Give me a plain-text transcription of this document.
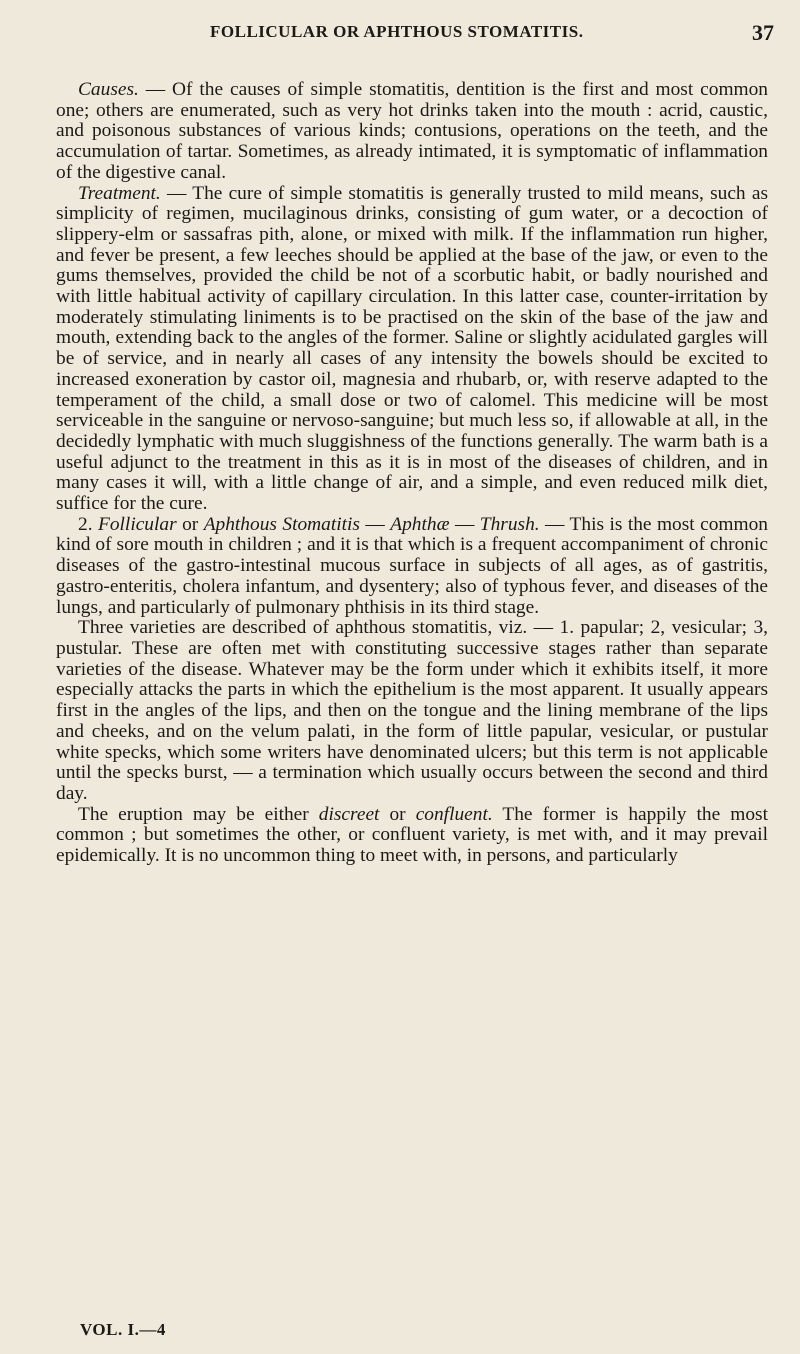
FOLLICULAR OR APHTHOUS STOMATITIS.	37

Causes. — Of the causes of simple stomatitis, dentition is the first and most common one; others are enumerated, such as very hot drinks taken into the mouth : acrid, caustic, and poisonous substances of various kinds; contusions, operations on the teeth, and the accumulation of tartar. Sometimes, as already intimated, it is symptomatic of inflammation of the digestive canal.

Treatment. — The cure of simple stomatitis is generally trusted to mild means, such as simplicity of regimen, mucilaginous drinks, consisting of gum water, or a decoction of slippery-elm or sassafras pith, alone, or mixed with milk. If the inflammation run higher, and fever be present, a few leeches should be applied at the base of the jaw, or even to the gums themselves, provided the child be not of a scorbutic habit, or badly nourished and with little habitual activity of capillary circulation. In this latter case, counter-irritation by moderately stimulating liniments is to be practised on the skin of the base of the jaw and mouth, extending back to the angles of the former. Saline or slightly acidulated gargles will be of service, and in nearly all cases of any intensity the bowels should be excited to increased exoneration by castor oil, magnesia and rhubarb, or, with reserve adapted to the temperament of the child, a small dose or two of calomel. This medicine will be most serviceable in the sanguine or nervoso-sanguine; but much less so, if allowable at all, in the decidedly lymphatic with much sluggishness of the functions generally. The warm bath is a useful adjunct to the treatment in this as it is in most of the diseases of children, and in many cases it will, with a little change of air, and a simple, and even reduced milk diet, suffice for the cure.

2. Follicular or Aphthous Stomatitis — Aphthæ — Thrush. — This is the most common kind of sore mouth in children ; and it is that which is a frequent accompaniment of chronic diseases of the gastro-intestinal mucous surface in subjects of all ages, as of gastritis, gastro-enteritis, cholera infantum, and dysentery; also of typhous fever, and diseases of the lungs, and particularly of pulmonary phthisis in its third stage.

Three varieties are described of aphthous stomatitis, viz. — 1. papular; 2, vesicular; 3, pustular. These are often met with constituting successive stages rather than separate varieties of the disease. Whatever may be the form under which it exhibits itself, it more especially attacks the parts in which the epithelium is the most apparent. It usually appears first in the angles of the lips, and then on the tongue and the lining membrane of the lips and cheeks, and on the velum palati, in the form of little papular, vesicular, or pustular white specks, which some writers have denominated ulcers; but this term is not applicable until the specks burst, — a termination which usually occurs between the second and third day.

The eruption may be either discreet or confluent. The former is happily the most common ; but sometimes the other, or confluent variety, is met with, and it may prevail epidemically. It is no uncommon thing to meet with, in persons, and particularly

VOL. I.—4
